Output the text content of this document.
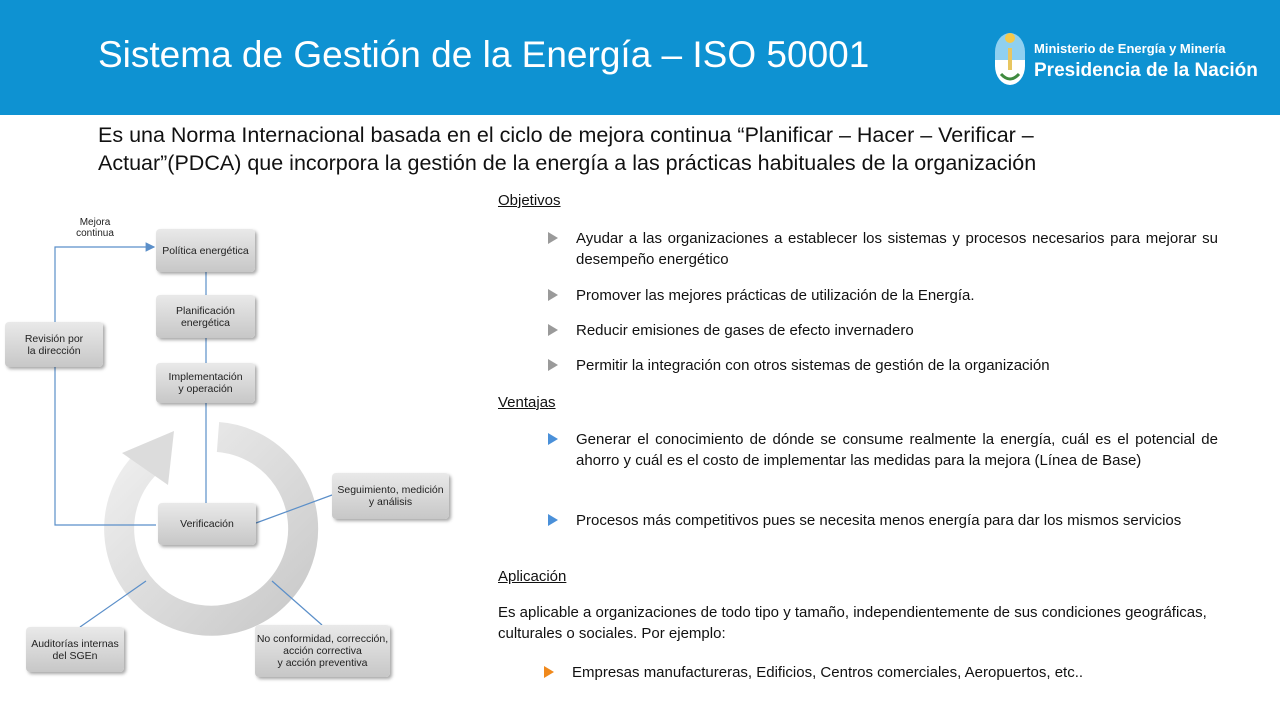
Sistema de Gestión de la Energía – ISO 50001	Ministerio de Energía y Minería
Presidencia de la Nación
Es una Norma Internacional basada en el ciclo de mejora continua “Planificar – Hacer – Verificar – Actuar”(PDCA) que incorpora la gestión de la energía a las prácticas habituales de la organización
Mejora
continua
Política energética
Planificación
energética
Implementación
y operación
Revisión por
la dirección
Verificación
Seguimiento, medición
y análisis
Auditorías internas
del SGEn
No conformidad, corrección,
acción correctiva
y acción preventiva
Objetivos
Ayudar a las organizaciones a establecer los sistemas y procesos necesarios para mejorar su desempeño energético
Promover las mejores prácticas de utilización de la Energía.
Reducir emisiones de gases de efecto invernadero
Permitir la integración con otros sistemas de gestión de la organización
Ventajas
Generar el conocimiento de dónde se consume realmente la energía, cuál es el potencial de ahorro y cuál es el costo de implementar las medidas para la mejora (Línea de Base)
Procesos más competitivos pues se necesita menos energía para dar los mismos servicios
Aplicación
Es aplicable a organizaciones de todo tipo y tamaño, independientemente de sus condiciones geográficas, culturales o sociales. Por ejemplo:
Empresas manufactureras, Edificios, Centros comerciales, Aeropuertos, etc..
